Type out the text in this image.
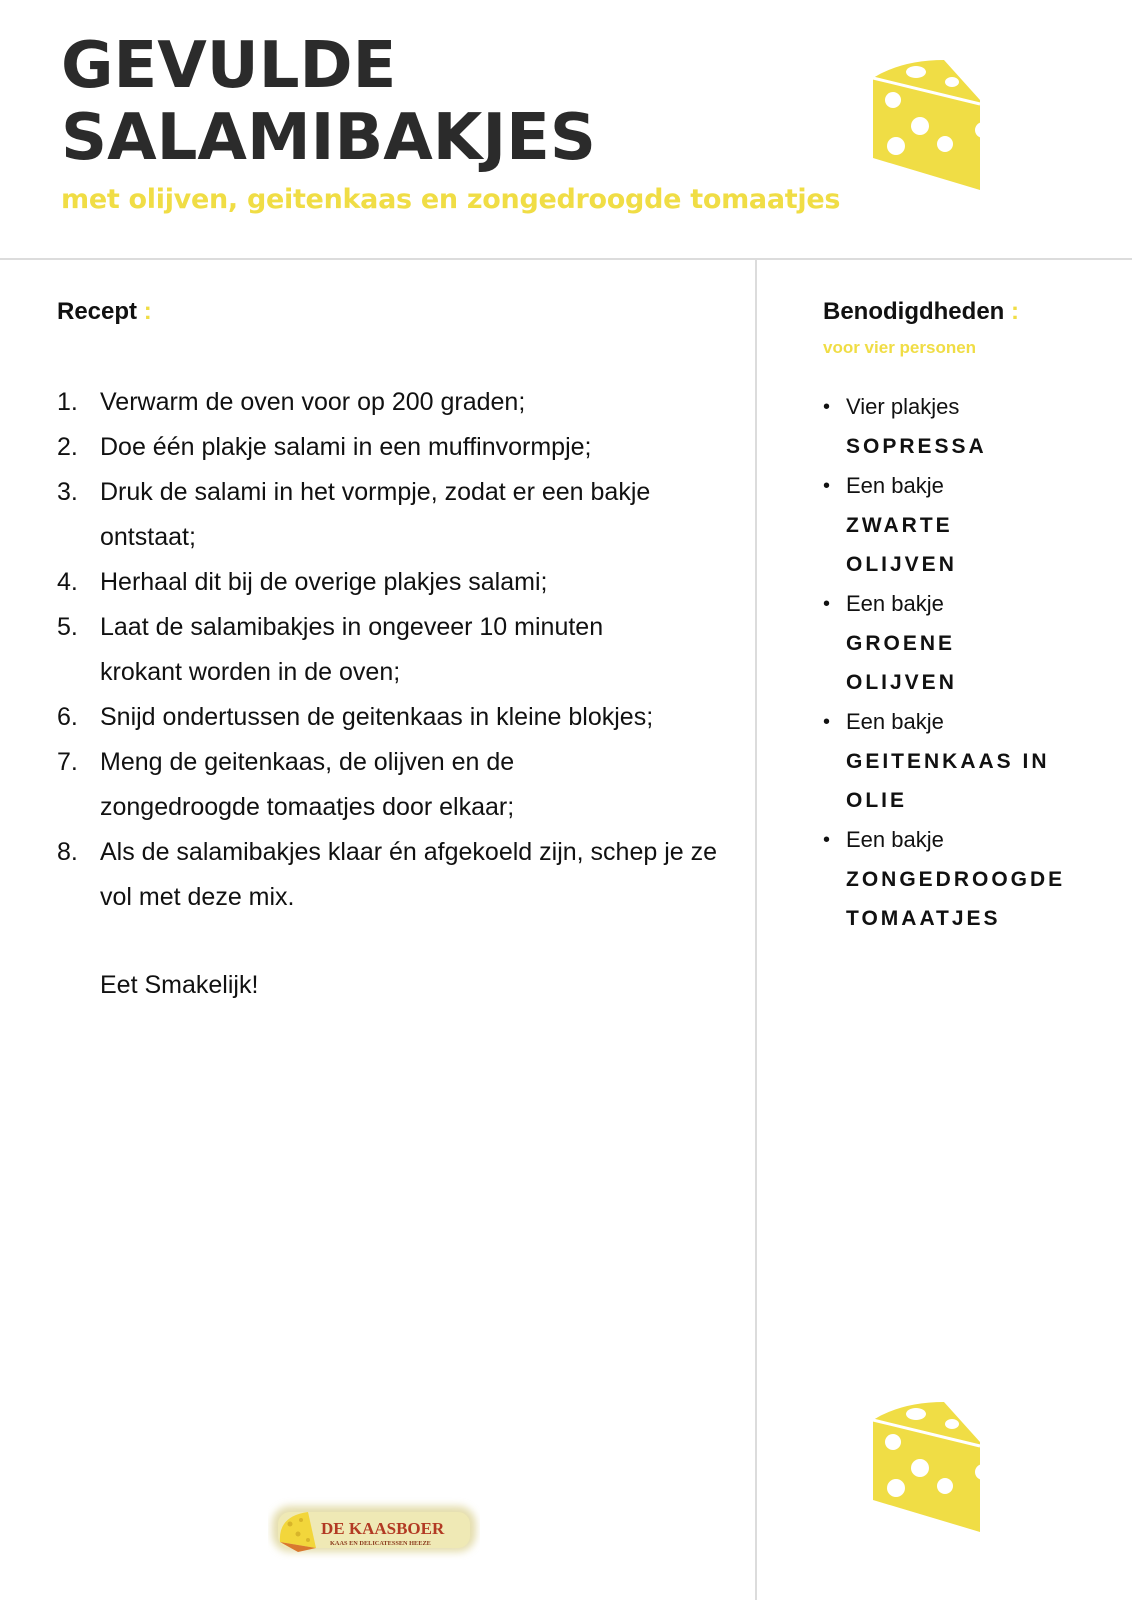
GEVULDE
SALAMIBAKJES

met olijven, geitenkaas en zongedroogde tomaatjes

Recept :
1. Verwarm de oven voor op 200 graden;
2. Doe één plakje salami in een muffinvormpje;
3. Druk de salami in het vormpje, zodat er een bakje ontstaat;
4. Herhaal dit bij de overige plakjes salami;
5. Laat de salamibakjes in ongeveer 10 minuten krokant worden in de oven;
6. Snijd ondertussen de geitenkaas in kleine blokjes;
7. Meng de geitenkaas, de olijven en de zongedroogde tomaatjes door elkaar;
8. Als de salamibakjes klaar én afgekoeld zijn, schep je ze vol met deze mix.
Eet Smakelijk!
Benodigdheden :
voor vier personen
• Vier plakjes
SOPRESSA
• Een bakje
ZWARTE OLIJVEN
• Een bakje
GROENE OLIJVEN
• Een bakje
GEITENKAAS IN OLIE
• Een bakje
ZONGEDROOGDE TOMAATJES
DE KAASBOER
KAAS EN DELICATESSEN HEEZE
